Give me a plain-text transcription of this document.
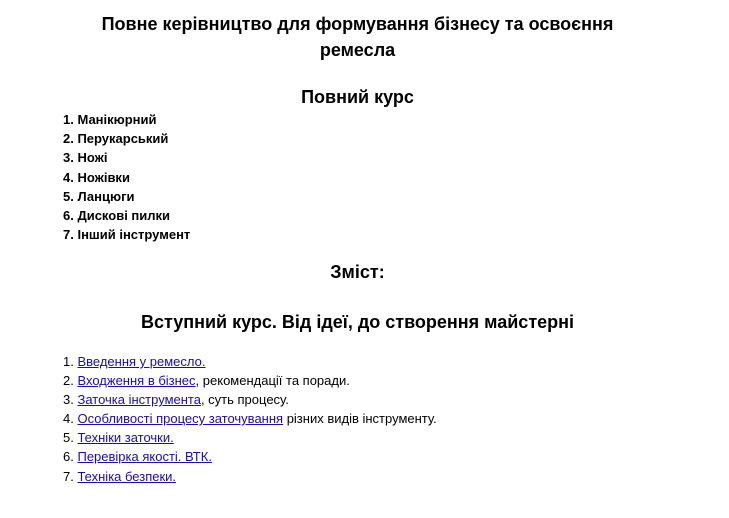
Повне керівництво для формування бізнесу та освоєння ремесла
Повний курс
1. Манікюрний
2. Перукарський
3. Ножі
4. Ножівки
5. Ланцюги
6. Дискові пилки
7. Інший інструмент
Зміст:
Вступний курс. Від ідеї, до створення майстерні
1. Введення у ремесло.
2. Входження в бізнес, рекомендації та поради.
3. Заточка інструмента, суть процесу.
4. Особливості процесу заточування різних видів інструменту.
5. Техніки заточки.
6. Перевірка якості. ВТК.
7. Техніка безпеки.
